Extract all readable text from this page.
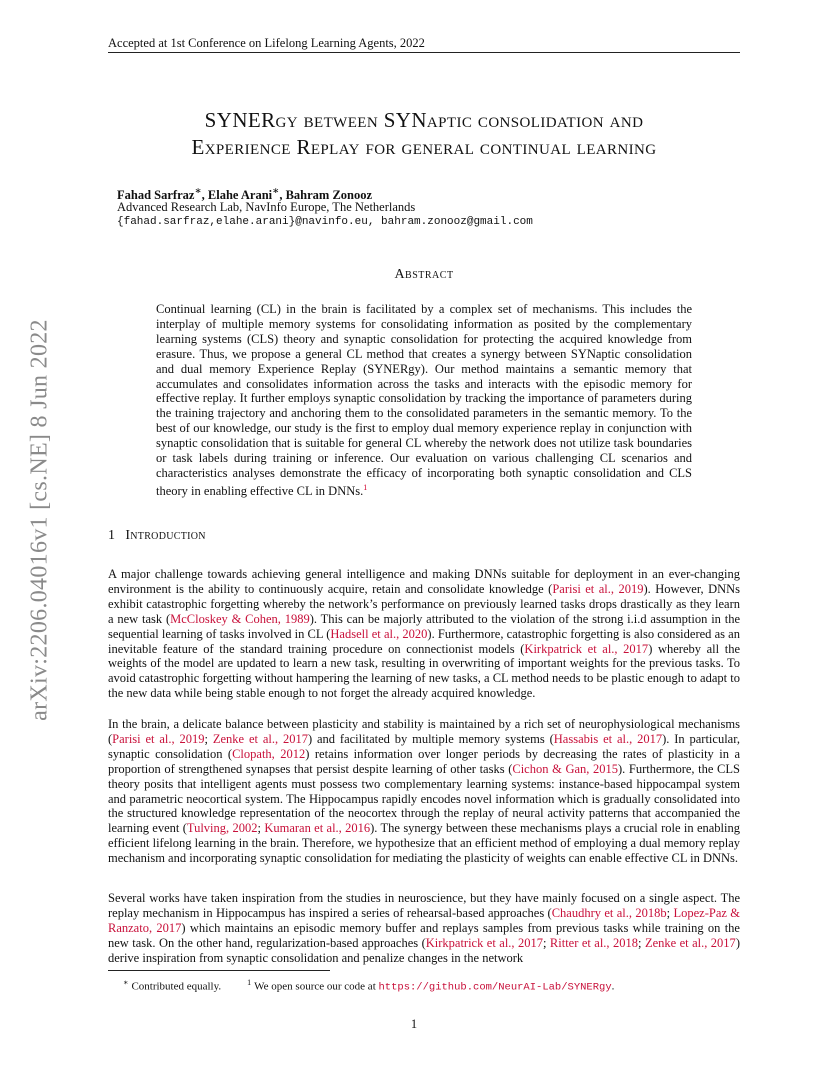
Accepted at 1st Conference on Lifelong Learning Agents, 2022
arXiv:2206.04016v1 [cs.NE] 8 Jun 2022
SYNERgy between SYNaptic consolidation and
Experience Replay for general continual learning
Fahad Sarfraz∗, Elahe Arani∗, Bahram Zonooz
Advanced Research Lab, NavInfo Europe, The Netherlands
{fahad.sarfraz,elahe.arani}@navinfo.eu, bahram.zonooz@gmail.com
Abstract
Continual learning (CL) in the brain is facilitated by a complex set of mechanisms. This includes the interplay of multiple memory systems for consolidating information as posited by the complementary learning systems (CLS) theory and synaptic consolidation for protecting the acquired knowledge from erasure. Thus, we propose a general CL method that creates a synergy between SYNaptic consolidation and dual memory Experience Replay (SYNERgy). Our method maintains a semantic memory that accumulates and consolidates information across the tasks and interacts with the episodic memory for effective replay. It further employs synaptic consolidation by tracking the importance of parameters during the training trajectory and anchoring them to the consolidated parameters in the semantic memory. To the best of our knowledge, our study is the first to employ dual memory experience replay in conjunction with synaptic consolidation that is suitable for general CL whereby the network does not utilize task boundaries or task labels during training or inference. Our evaluation on various challenging CL scenarios and characteristics analyses demonstrate the efficacy of incorporating both synaptic consolidation and CLS theory in enabling effective CL in DNNs.$^1$
1 Introduction
A major challenge towards achieving general intelligence and making DNNs suitable for deployment in an ever-changing environment is the ability to continuously acquire, retain and consolidate knowledge (Parisi et al., 2019). However, DNNs exhibit catastrophic forgetting whereby the network’s performance on previously learned tasks drops drastically as they learn a new task (McCloskey & Cohen, 1989). This can be majorly attributed to the violation of the strong i.i.d assumption in the sequential learning of tasks involved in CL (Hadsell et al., 2020). Furthermore, catastrophic forgetting is also considered as an inevitable feature of the standard training procedure on connectionist models (Kirkpatrick et al., 2017) whereby all the weights of the model are updated to learn a new task, resulting in overwriting of important weights for the previous tasks. To avoid catastrophic forgetting without hampering the learning of new tasks, a CL method needs to be plastic enough to adapt to the new data while being stable enough to not forget the already acquired knowledge.
In the brain, a delicate balance between plasticity and stability is maintained by a rich set of neurophysiological mechanisms (Parisi et al., 2019; Zenke et al., 2017) and facilitated by multiple memory systems (Hassabis et al., 2017). In particular, synaptic consolidation (Clopath, 2012) retains information over longer periods by decreasing the rates of plasticity in a proportion of strengthened synapses that persist despite learning of other tasks (Cichon & Gan, 2015). Furthermore, the CLS theory posits that intelligent agents must possess two complementary learning systems: instance-based hippocampal system and parametric neocortical system. The Hippocampus rapidly encodes novel information which is gradually consolidated into the structured knowledge representation of the neocortex through the replay of neural activity patterns that accompanied the learning event (Tulving, 2002; Kumaran et al., 2016). The synergy between these mechanisms plays a crucial role in enabling efficient lifelong learning in the brain. Therefore, we hypothesize that an efficient method of employing a dual memory replay mechanism and incorporating synaptic consolidation for mediating the plasticity of weights can enable effective CL in DNNs.
Several works have taken inspiration from the studies in neuroscience, but they have mainly focused on a single aspect. The replay mechanism in Hippocampus has inspired a series of rehearsal-based approaches (Chaudhry et al., 2018b; Lopez-Paz & Ranzato, 2017) which maintains an episodic memory buffer and replays samples from previous tasks while training on the new task. On the other hand, regularization-based approaches (Kirkpatrick et al., 2017; Ritter et al., 2018; Zenke et al., 2017) derive inspiration from synaptic consolidation and penalize changes in the network
∗ Contributed equally.	$^1$ We open source our code at https://github.com/NeurAI-Lab/SYNERgy.
1
